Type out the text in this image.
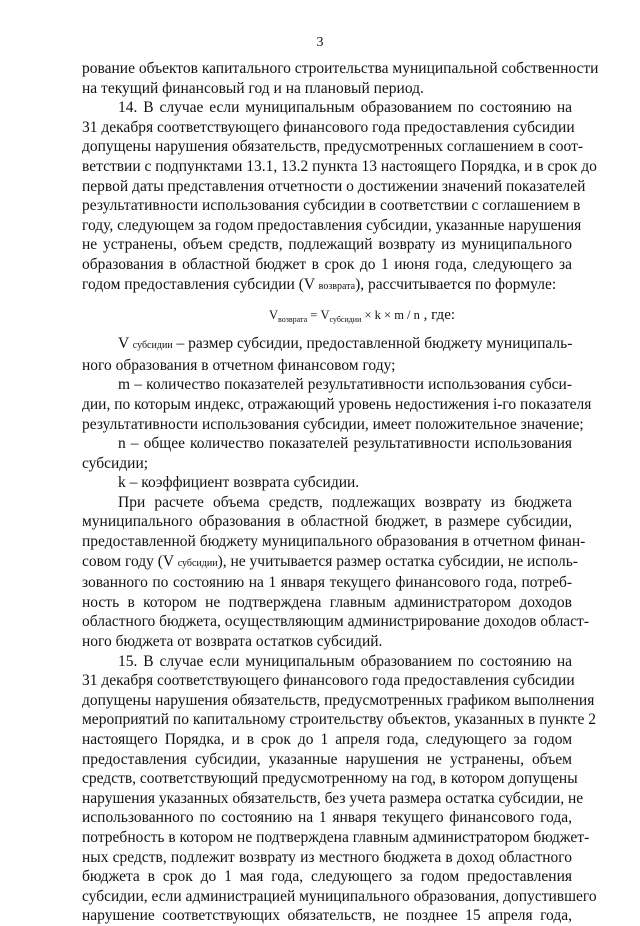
3
рование объектов капитального строительства муниципальной собственности
на текущий финансовый год и на плановый период.
14. В случае если муниципальным образованием по состоянию на
31 декабря соответствующего финансового года предоставления субсидии
допущены нарушения обязательств, предусмотренных соглашением в соот-
ветствии с подпунктами 13.1, 13.2 пункта 13 настоящего Порядка, и в срок до
первой даты представления отчетности о достижении значений показателей
результативности использования субсидии в соответствии с соглашением в
году, следующем за годом предоставления субсидии, указанные нарушения
не устранены, объем средств, подлежащий возврату из муниципального
образования в областной бюджет в срок до 1 июня года, следующего за
годом предоставления субсидии (V возврата), рассчитывается по формуле:
$V_{возврата} = V_{субсидии} \times k \times m / n$ , где:
V субсидии – размер субсидии, предоставленной бюджету муниципаль-
ного образования в отчетном финансовом году;
m – количество показателей результативности использования субси-
дии, по которым индекс, отражающий уровень недостижения i-го показателя
результативности использования субсидии, имеет положительное значение;
n – общее количество показателей результативности использования
субсидии;
k – коэффициент возврата субсидии.
При расчете объема средств, подлежащих возврату из бюджета
муниципального образования в областной бюджет, в размере субсидии,
предоставленной бюджету муниципального образования в отчетном финан-
совом году (V субсидии), не учитывается размер остатка субсидии, не исполь-
зованного по состоянию на 1 января текущего финансового года, потреб-
ность в котором не подтверждена главным администратором доходов
областного бюджета, осуществляющим администрирование доходов област-
ного бюджета от возврата остатков субсидий.
15. В случае если муниципальным образованием по состоянию на
31 декабря соответствующего финансового года предоставления субсидии
допущены нарушения обязательств, предусмотренных графиком выполнения
мероприятий по капитальному строительству объектов, указанных в пункте 2
настоящего Порядка, и в срок до 1 апреля года, следующего за годом
предоставления субсидии, указанные нарушения не устранены, объем
средств, соответствующий предусмотренному на год, в котором допущены
нарушения указанных обязательств, без учета размера остатка субсидии, не
использованного по состоянию на 1 января текущего финансового года,
потребность в котором не подтверждена главным администратором бюджет-
ных средств, подлежит возврату из местного бюджета в доход областного
бюджета в срок до 1 мая года, следующего за годом предоставления
субсидии, если администрацией муниципального образования, допустившего
нарушение соответствующих обязательств, не позднее 15 апреля года,
